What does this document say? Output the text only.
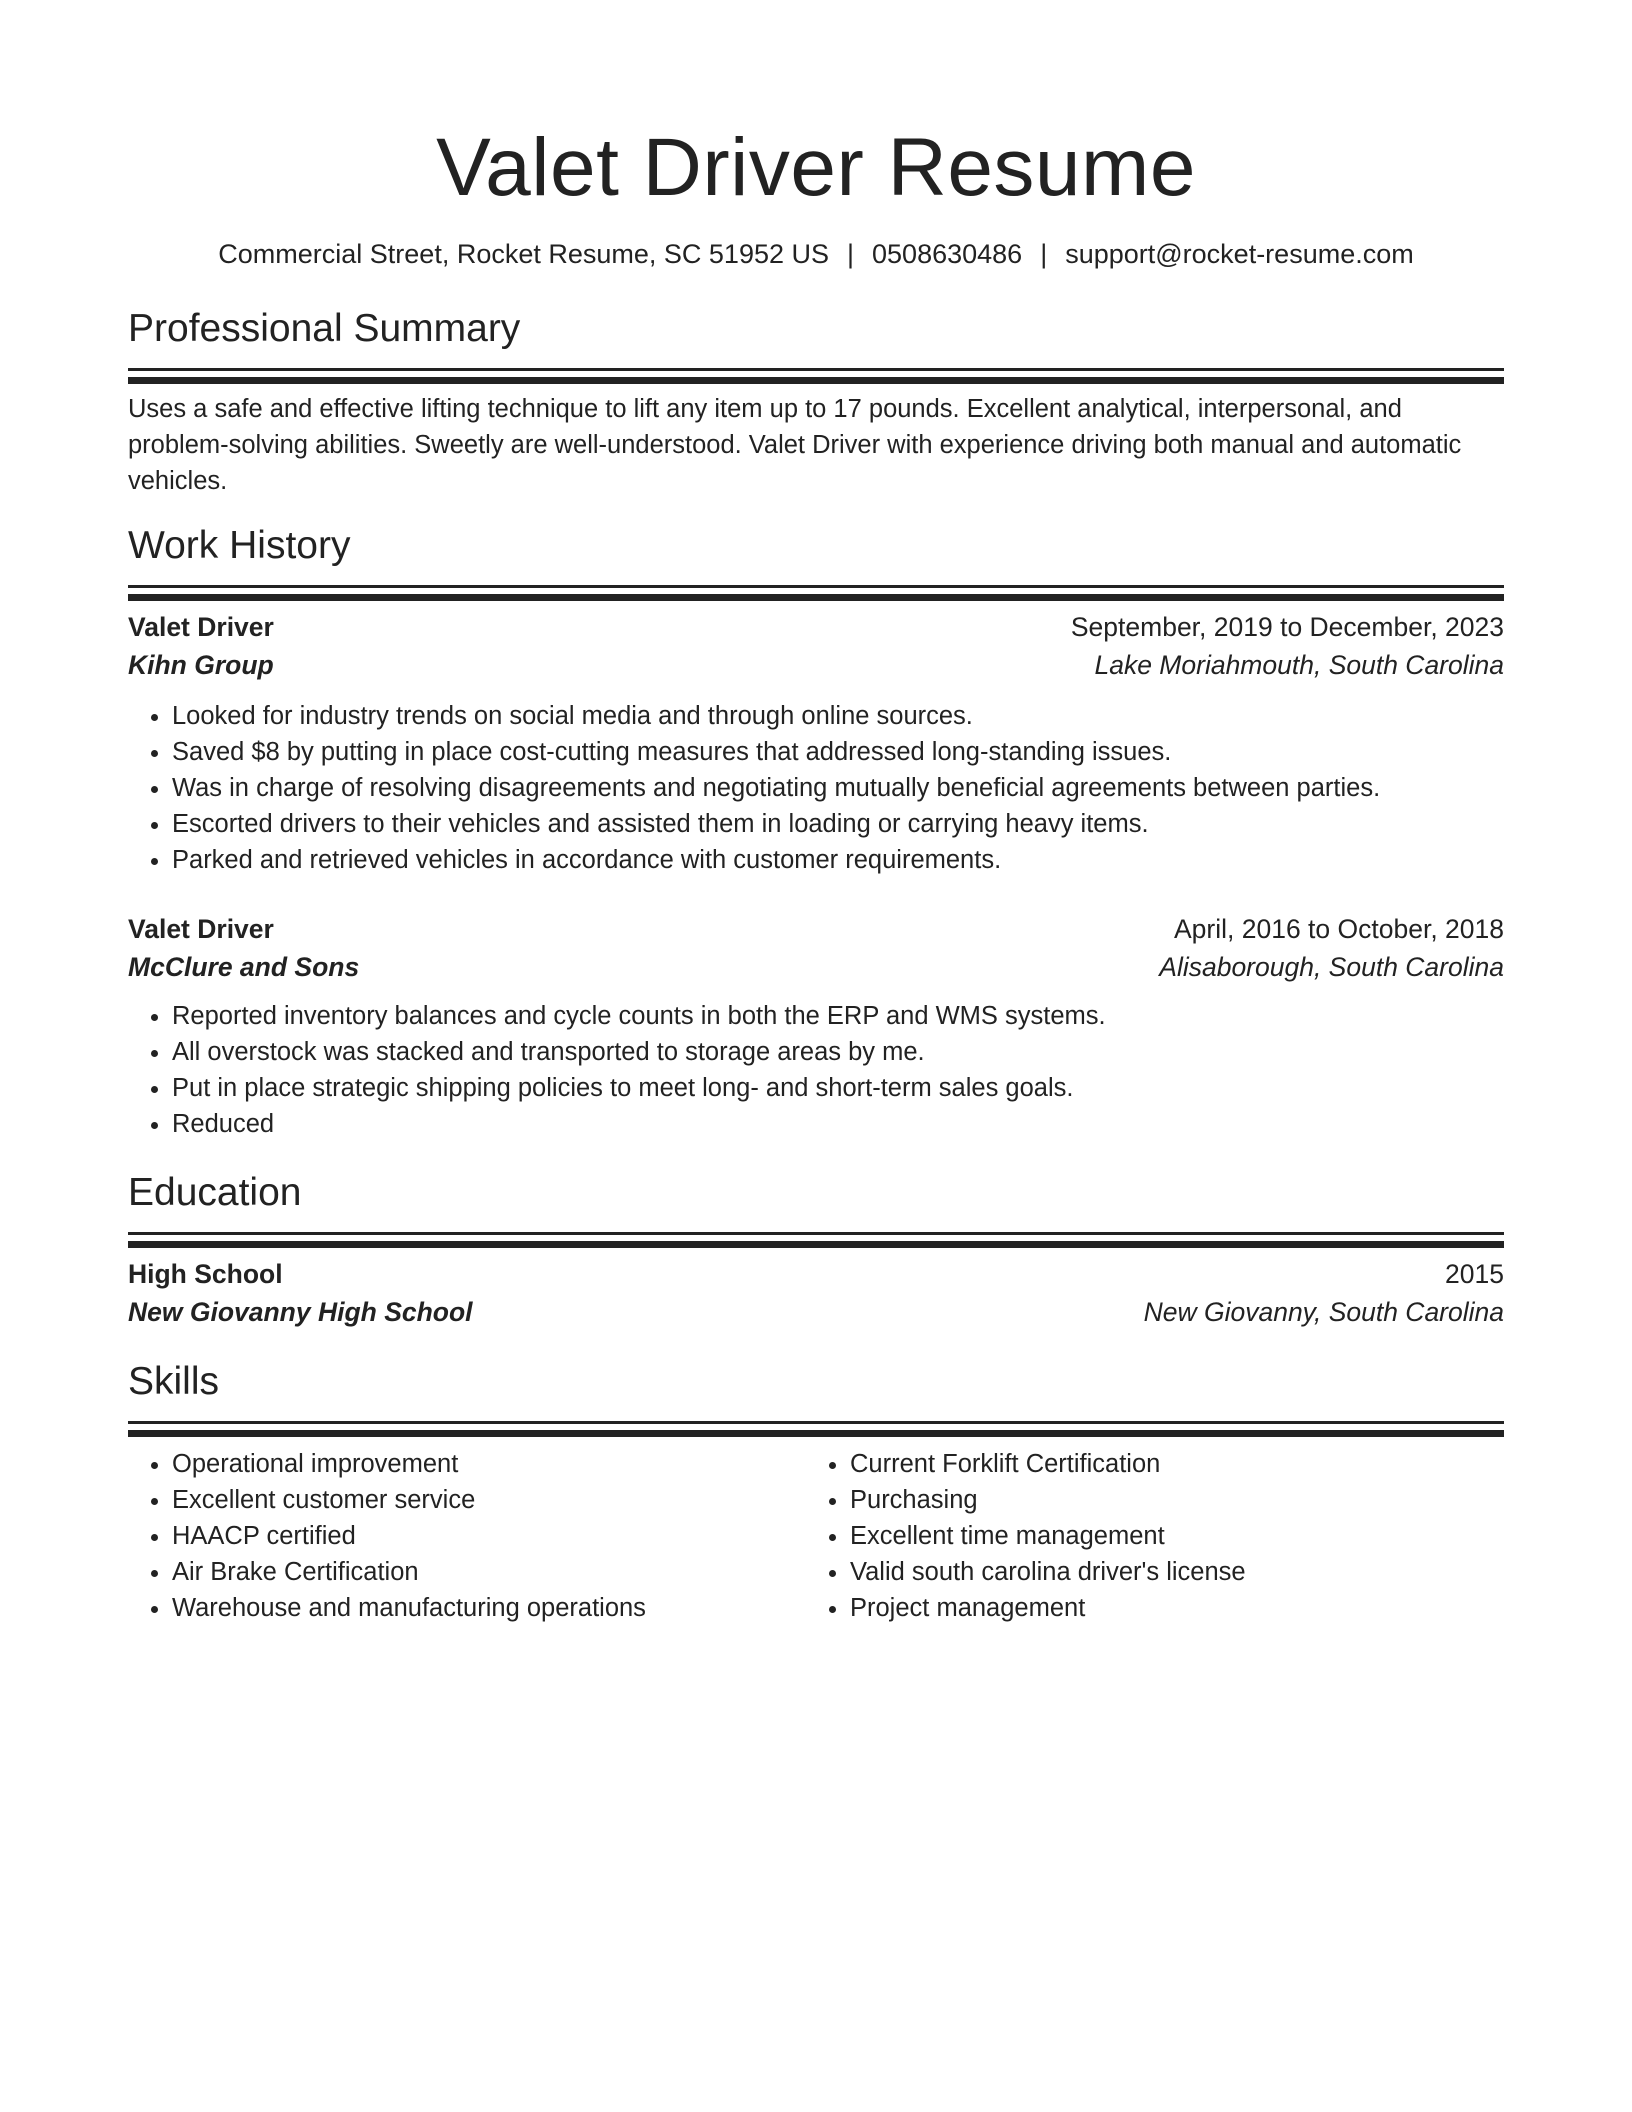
Valet Driver Resume
Commercial Street, Rocket Resume, SC 51952 US | 0508630486 | support@rocket-resume.com
Professional Summary

Uses a safe and effective lifting technique to lift any item up to 17 pounds. Excellent analytical, interpersonal, and problem-solving abilities. Sweetly are well-understood. Valet Driver with experience driving both manual and automatic vehicles.

Work History
Valet Driver	September, 2019 to December, 2023
Kihn Group	Lake Moriahmouth, South Carolina
• Looked for industry trends on social media and through online sources.
• Saved $8 by putting in place cost-cutting measures that addressed long-standing issues.
• Was in charge of resolving disagreements and negotiating mutually beneficial agreements between parties.
• Escorted drivers to their vehicles and assisted them in loading or carrying heavy items.
• Parked and retrieved vehicles in accordance with customer requirements.
Valet Driver	April, 2016 to October, 2018
McClure and Sons	Alisaborough, South Carolina
• Reported inventory balances and cycle counts in both the ERP and WMS systems.
• All overstock was stacked and transported to storage areas by me.
• Put in place strategic shipping policies to meet long- and short-term sales goals.
• Reduced
Education
High School	2015
New Giovanny High School	New Giovanny, South Carolina
Skills
• Operational improvement
• Excellent customer service
• HAACP certified
• Air Brake Certification
• Warehouse and manufacturing operations
• Current Forklift Certification
• Purchasing
• Excellent time management
• Valid south carolina driver's license
• Project management
